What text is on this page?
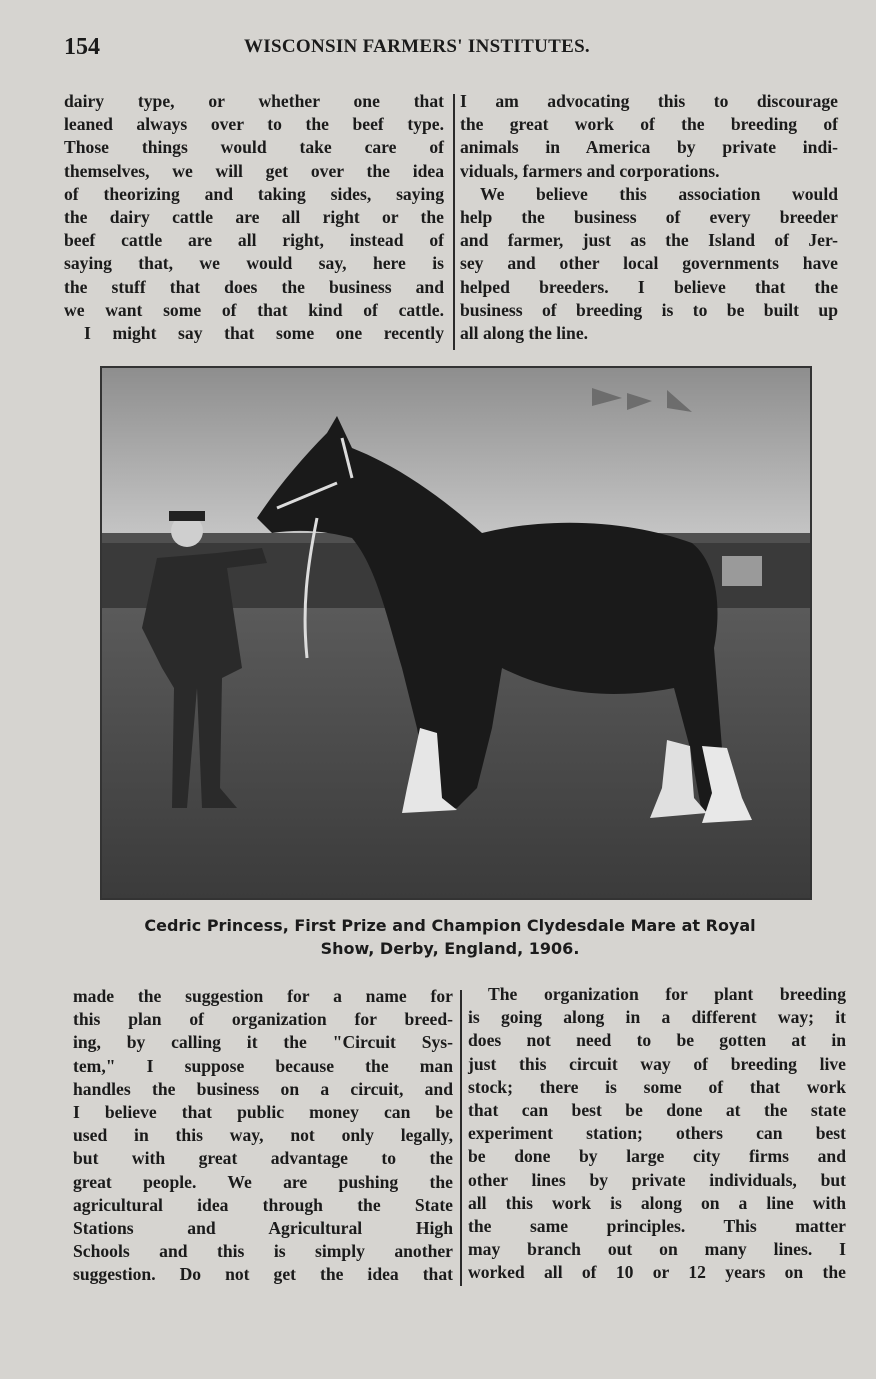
154	WISCONSIN FARMERS' INSTITUTES.

dairy type, or whether one that

leaned always over to the beef type.

Those things would take care of

themselves, we will get over the idea

of theorizing and taking sides, saying

the dairy cattle are all right or the

beef cattle are all right, instead of

saying that, we would say, here is

the stuff that does the business and

we want some of that kind of cattle.

I might say that some one recently

I am advocating this to discourage

the great work of the breeding of

animals in America by private indi-

viduals, farmers and corporations.

We believe this association would

help the business of every breeder

and farmer, just as the Island of Jer-

sey and other local governments have

helped breeders. I believe that the

business of breeding is to be built up

all along the line.

Cedric Princess, First Prize and Champion Clydesdale Mare at Royal
Show, Derby, England, 1906.

made the suggestion for a name for

this plan of organization for breed-

ing, by calling it the "Circuit Sys-

tem," I suppose because the man

handles the business on a circuit, and

I believe that public money can be

used in this way, not only legally,

but with great advantage to the

great people. We are pushing the

agricultural idea through the State

Stations and Agricultural High

Schools and this is simply another

suggestion. Do not get the idea that

The organization for plant breeding

is going along in a different way; it

does not need to be gotten at in

just this circuit way of breeding live

stock; there is some of that work

that can best be done at the state

experiment station; others can best

be done by large city firms and

other lines by private individuals, but

all this work is along on a line with

the same principles. This matter

may branch out on many lines. I

worked all of 10 or 12 years on the
